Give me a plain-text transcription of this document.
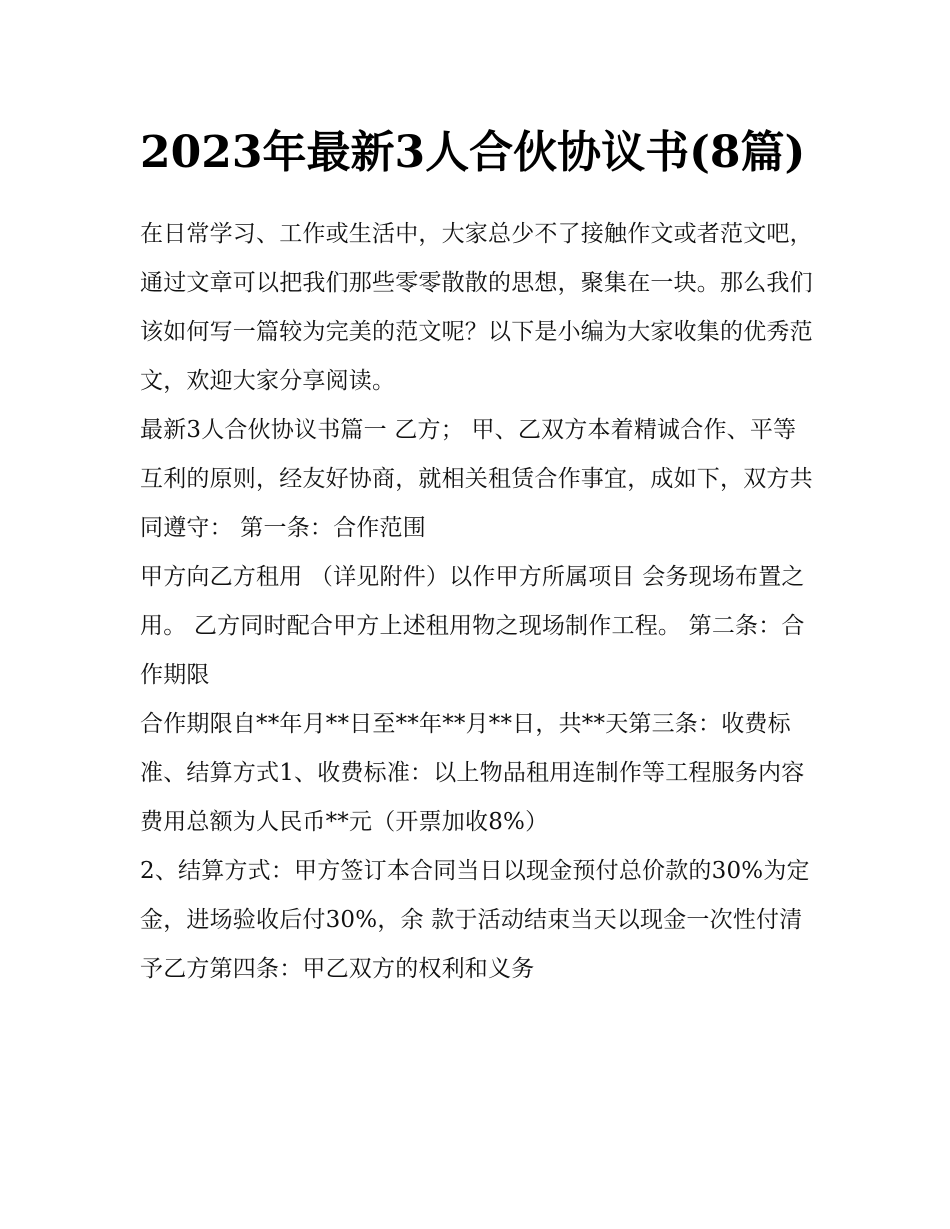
2023年最新3人合伙协议书(8篇)

在日常学习、工作或生活中，大家总少不了接触作文或者范文吧，通过文章可以把我们那些零零散散的思想，聚集在一块。那么我们该如何写一篇较为完美的范文呢？以下是小编为大家收集的优秀范文，欢迎大家分享阅读。

最新3人合伙协议书篇一 乙方； 甲、乙双方本着精诚合作、平等互利的原则，经友好协商，就相关租赁合作事宜，成如下，双方共 同遵守： 第一条：合作范围

甲方向乙方租用 （详见附件）以作甲方所属项目 会务现场布置之用。 乙方同时配合甲方上述租用物之现场制作工程。 第二条：合作期限

合作期限自**年月**日至**年**月**日，共**天第三条：收费标准、结算方式1、收费标准：以上物品租用连制作等工程服务内容费用总额为人民币**元（开票加收8%）

2、结算方式：甲方签订本合同当日以现金预付总价款的30%为定金，进场验收后付30%，余 款于活动结束当天以现金一次性付清予乙方第四条：甲乙双方的权利和义务
